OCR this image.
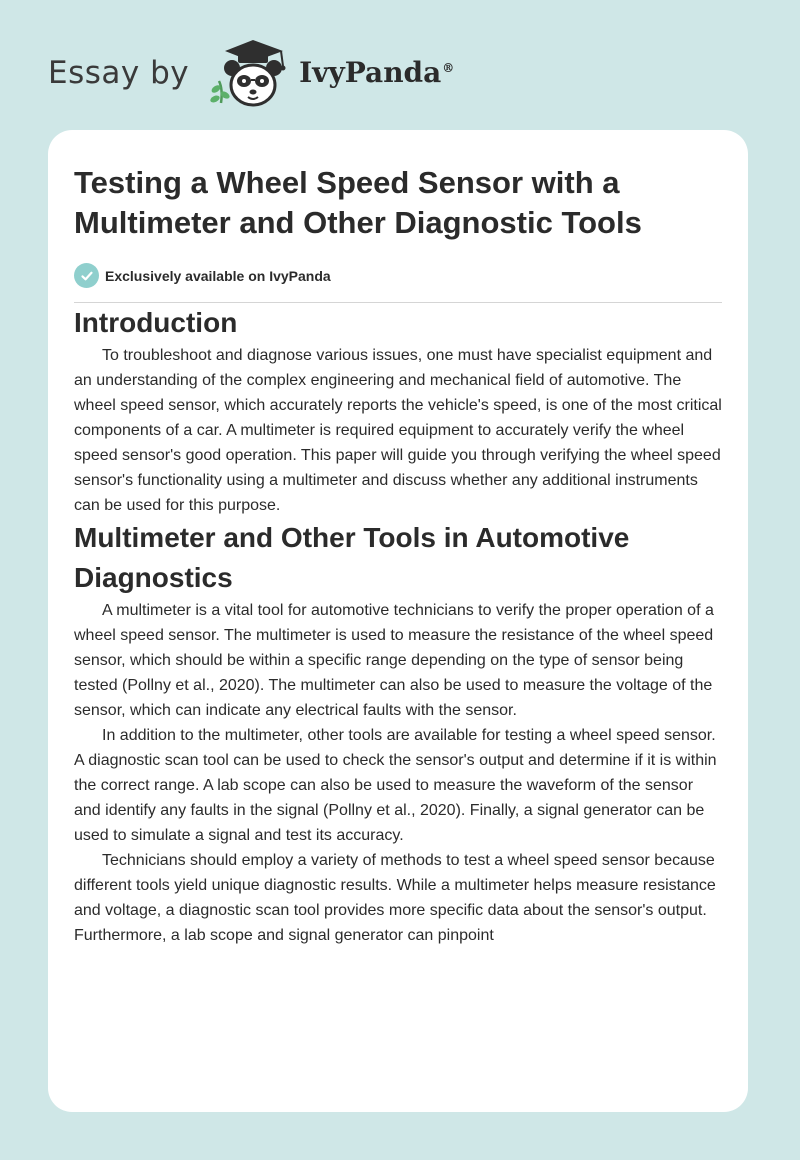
Essay by	IvyPanda®
Testing a Wheel Speed Sensor with a Multimeter and Other Diagnostic Tools
Exclusively available on IvyPanda
Introduction

To troubleshoot and diagnose various issues, one must have specialist equipment and an understanding of the complex engineering and mechanical field of automotive. The wheel speed sensor, which accurately reports the vehicle's speed, is one of the most critical components of a car. A multimeter is required equipment to accurately verify the wheel speed sensor's good operation. This paper will guide you through verifying the wheel speed sensor's functionality using a multimeter and discuss whether any additional instruments can be used for this purpose.

Multimeter and Other Tools in Automotive Diagnostics

A multimeter is a vital tool for automotive technicians to verify the proper operation of a wheel speed sensor. The multimeter is used to measure the resistance of the wheel speed sensor, which should be within a specific range depending on the type of sensor being tested (Pollny et al., 2020). The multimeter can also be used to measure the voltage of the sensor, which can indicate any electrical faults with the sensor.

In addition to the multimeter, other tools are available for testing a wheel speed sensor. A diagnostic scan tool can be used to check the sensor's output and determine if it is within the correct range. A lab scope can also be used to measure the waveform of the sensor and identify any faults in the signal (Pollny et al., 2020). Finally, a signal generator can be used to simulate a signal and test its accuracy.

Technicians should employ a variety of methods to test a wheel speed sensor because different tools yield unique diagnostic results. While a multimeter helps measure resistance and voltage, a diagnostic scan tool provides more specific data about the sensor's output. Furthermore, a lab scope and signal generator can pinpoint
